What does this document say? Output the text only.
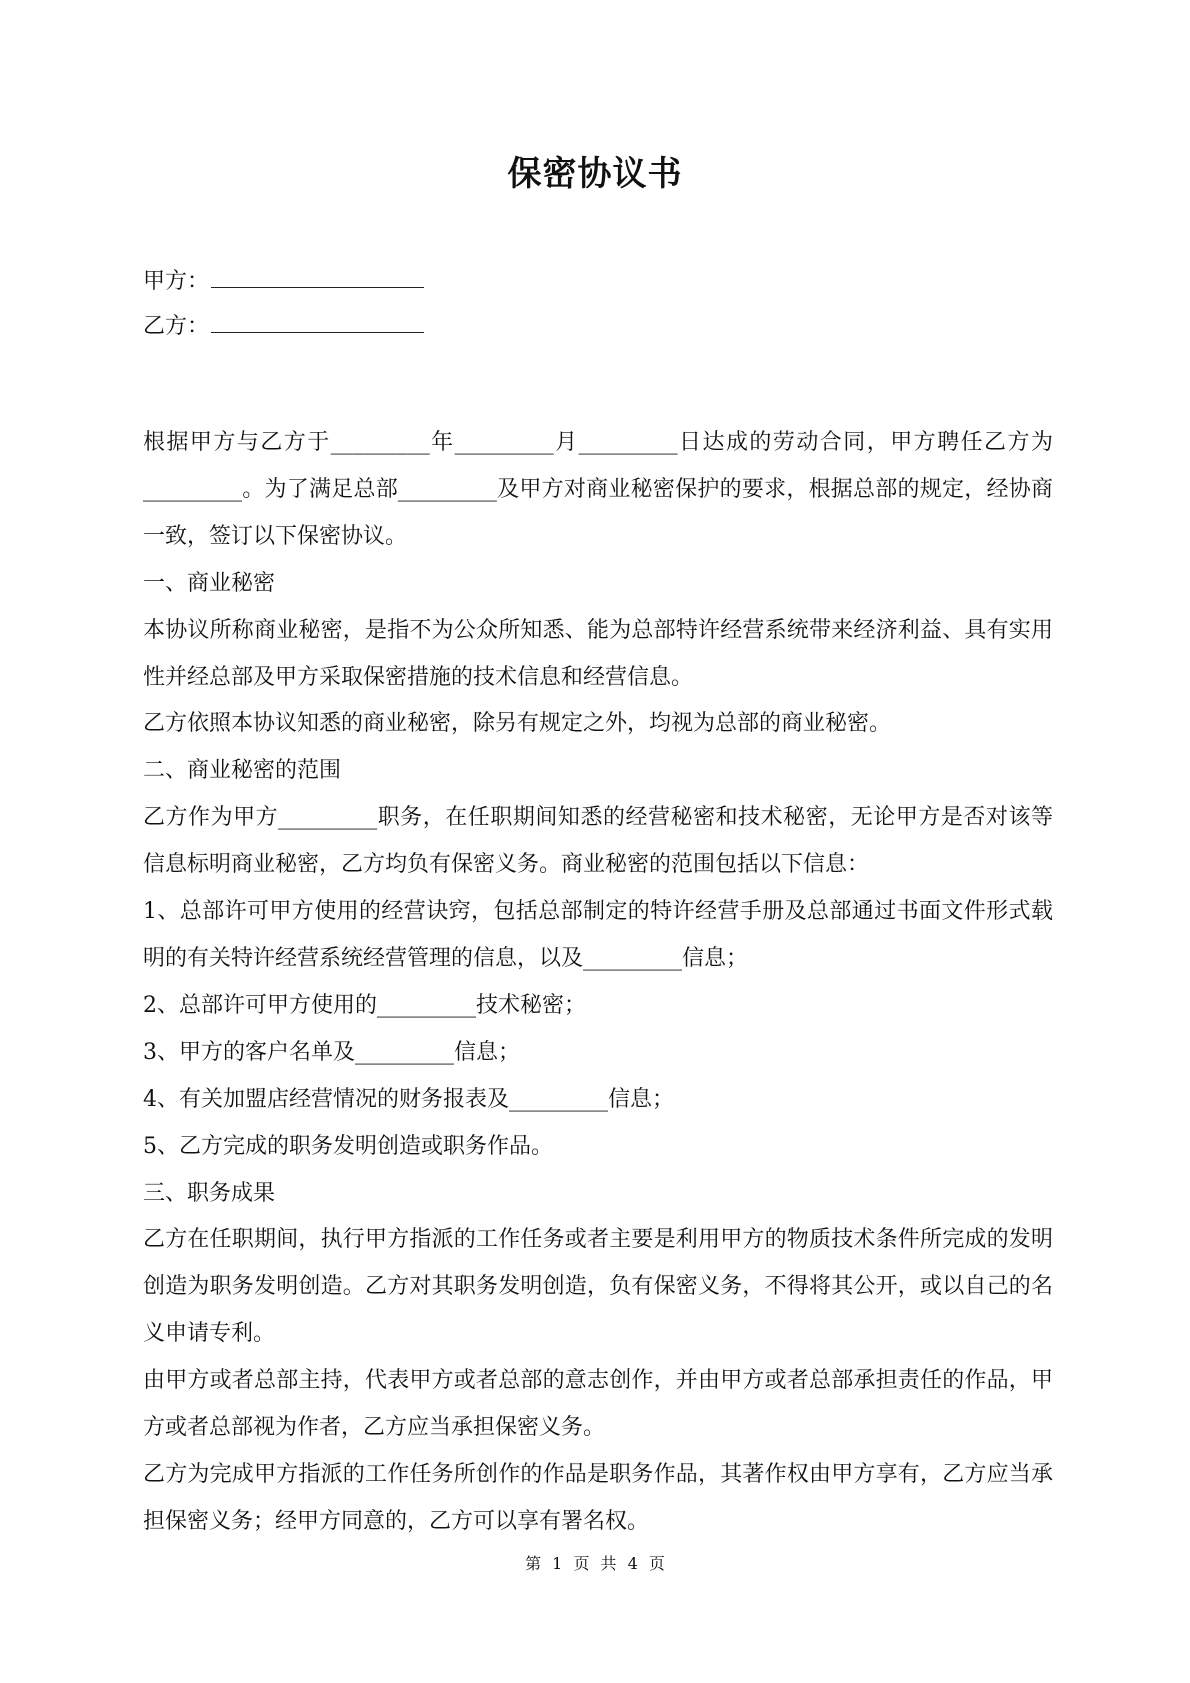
保密协议书
甲方：
乙方：

根据甲方与乙方于_________年_________月_________日达成的劳动合同，甲方聘任乙方为_________。为了满足总部_________及甲方对商业秘密保护的要求，根据总部的规定，经协商一致，签订以下保密协议。

一、商业秘密

本协议所称商业秘密，是指不为公众所知悉、能为总部特许经营系统带来经济利益、具有实用性并经总部及甲方采取保密措施的技术信息和经营信息。

乙方依照本协议知悉的商业秘密，除另有规定之外，均视为总部的商业秘密。

二、商业秘密的范围

乙方作为甲方_________职务，在任职期间知悉的经营秘密和技术秘密，无论甲方是否对该等信息标明商业秘密，乙方均负有保密义务。商业秘密的范围包括以下信息：

1、总部许可甲方使用的经营诀窍，包括总部制定的特许经营手册及总部通过书面文件形式载明的有关特许经营系统经营管理的信息，以及_________信息；

2、总部许可甲方使用的_________技术秘密；

3、甲方的客户名单及_________信息；

4、有关加盟店经营情况的财务报表及_________信息；

5、乙方完成的职务发明创造或职务作品。

三、职务成果

乙方在任职期间，执行甲方指派的工作任务或者主要是利用甲方的物质技术条件所完成的发明创造为职务发明创造。乙方对其职务发明创造，负有保密义务，不得将其公开，或以自己的名义申请专利。

由甲方或者总部主持，代表甲方或者总部的意志创作，并由甲方或者总部承担责任的作品，甲方或者总部视为作者，乙方应当承担保密义务。

乙方为完成甲方指派的工作任务所创作的作品是职务作品，其著作权由甲方享有，乙方应当承担保密义务；经甲方同意的，乙方可以享有署名权。

第 1 页 共 4 页
